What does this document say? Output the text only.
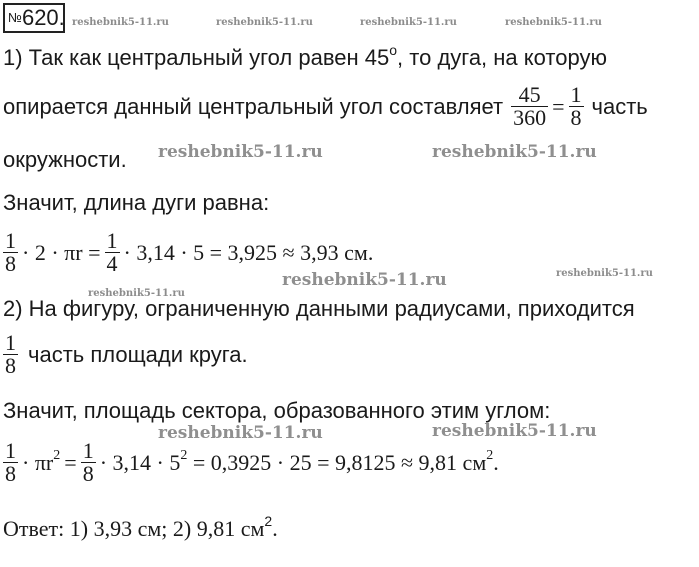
№620. reshebnik5-11.ru	reshebnik5-11.ru	reshebnik5-11.ru	reshebnik5-11.ru
reshebnik5-11.ru	reshebnik5-11.ru
reshebnik5-11.ru	reshebnik5-11.ru
reshebnik5-11.ru
reshebnik5-11.ru	reshebnik5-11.ru
1) Так как центральный угол равен 45$^o$, то дуга, на которую
опирается данный центральный угол составляет $\frac{45}{360} = \frac{1}{8}$ часть
окружности.
Значит, длина дуги равна:
$\frac{1}{8} \cdot 2 \cdot \pi r = \frac{1}{4} \cdot 3,14 \cdot 5 = 3,925 \approx 3,93$ см.
2) На фигуру, ограниченную данными радиусами, приходится
$\frac{1}{8}$ часть площади круга.
Значит, площадь сектора, образованного этим углом:
$\frac{1}{8} \cdot \pi r^2 = \frac{1}{8} \cdot 3,14 \cdot 5^2 = 0,3925 \cdot 25 = 9,8125 \approx 9,81$ $см^2$.
Ответ: 1) 3,93 см; 2) 9,81 $см^2$.
